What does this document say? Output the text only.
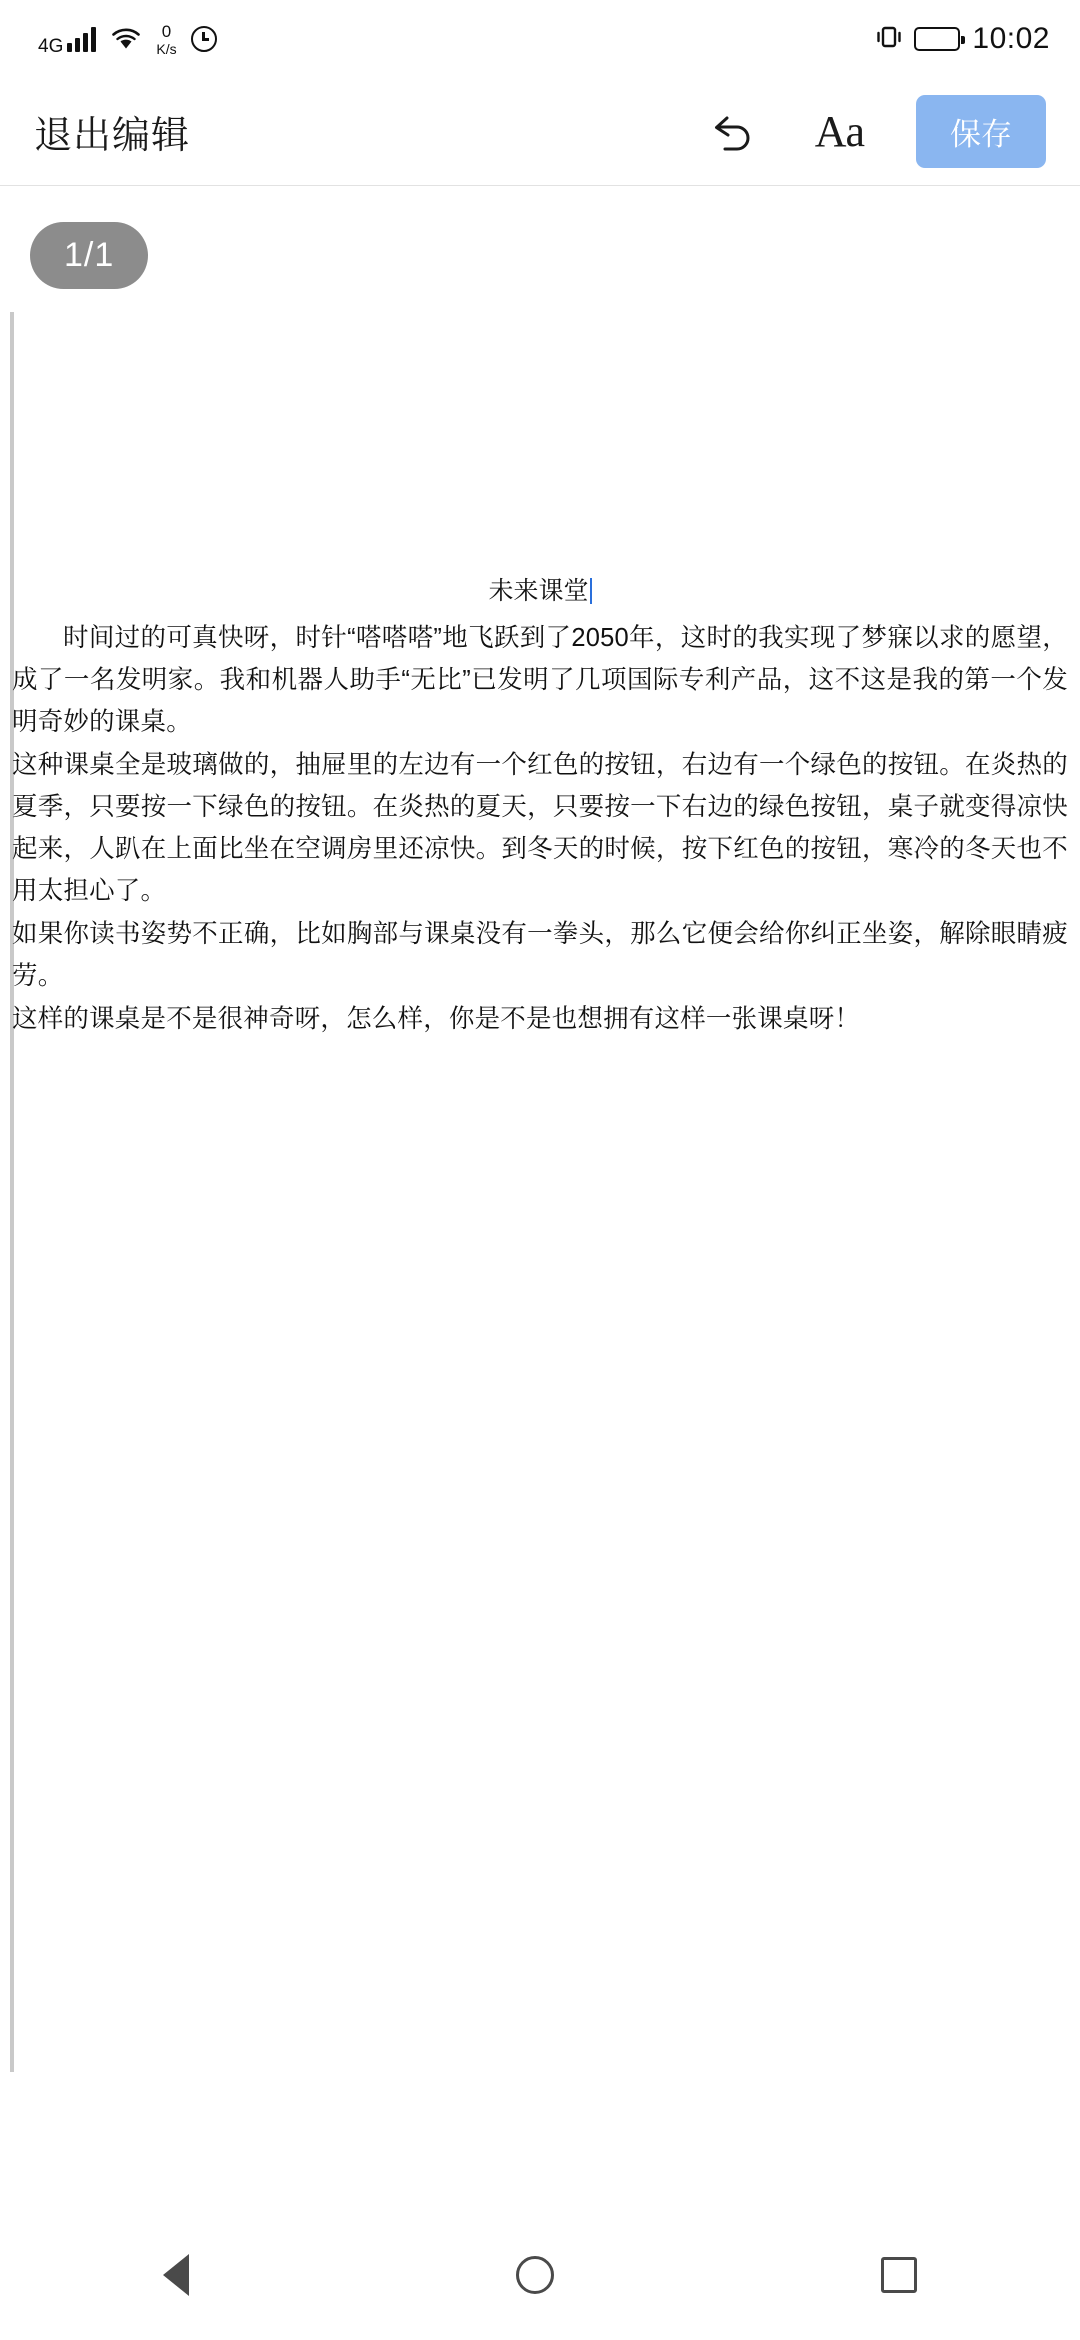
4G
0
K/s	10:02
退出编辑	Aa	保存
1/1
未来课堂

时间过的可真快呀，时针“嗒嗒嗒”地飞跃到了2050年，这时的我实现了梦寐以求的愿望，成了一名发明家。我和机器人助手“无比”已发明了几项国际专利产品，这不这是我的第一个发明奇妙的课桌。

这种课桌全是玻璃做的，抽屉里的左边有一个红色的按钮，右边有一个绿色的按钮。在炎热的夏季，只要按一下绿色的按钮。在炎热的夏天，只要按一下右边的绿色按钮，桌子就变得凉快起来，人趴在上面比坐在空调房里还凉快。到冬天的时候，按下红色的按钮，寒冷的冬天也不用太担心了。

如果你读书姿势不正确，比如胸部与课桌没有一拳头，那么它便会给你纠正坐姿，解除眼睛疲劳。

这样的课桌是不是很神奇呀，怎么样，你是不是也想拥有这样一张课桌呀！
